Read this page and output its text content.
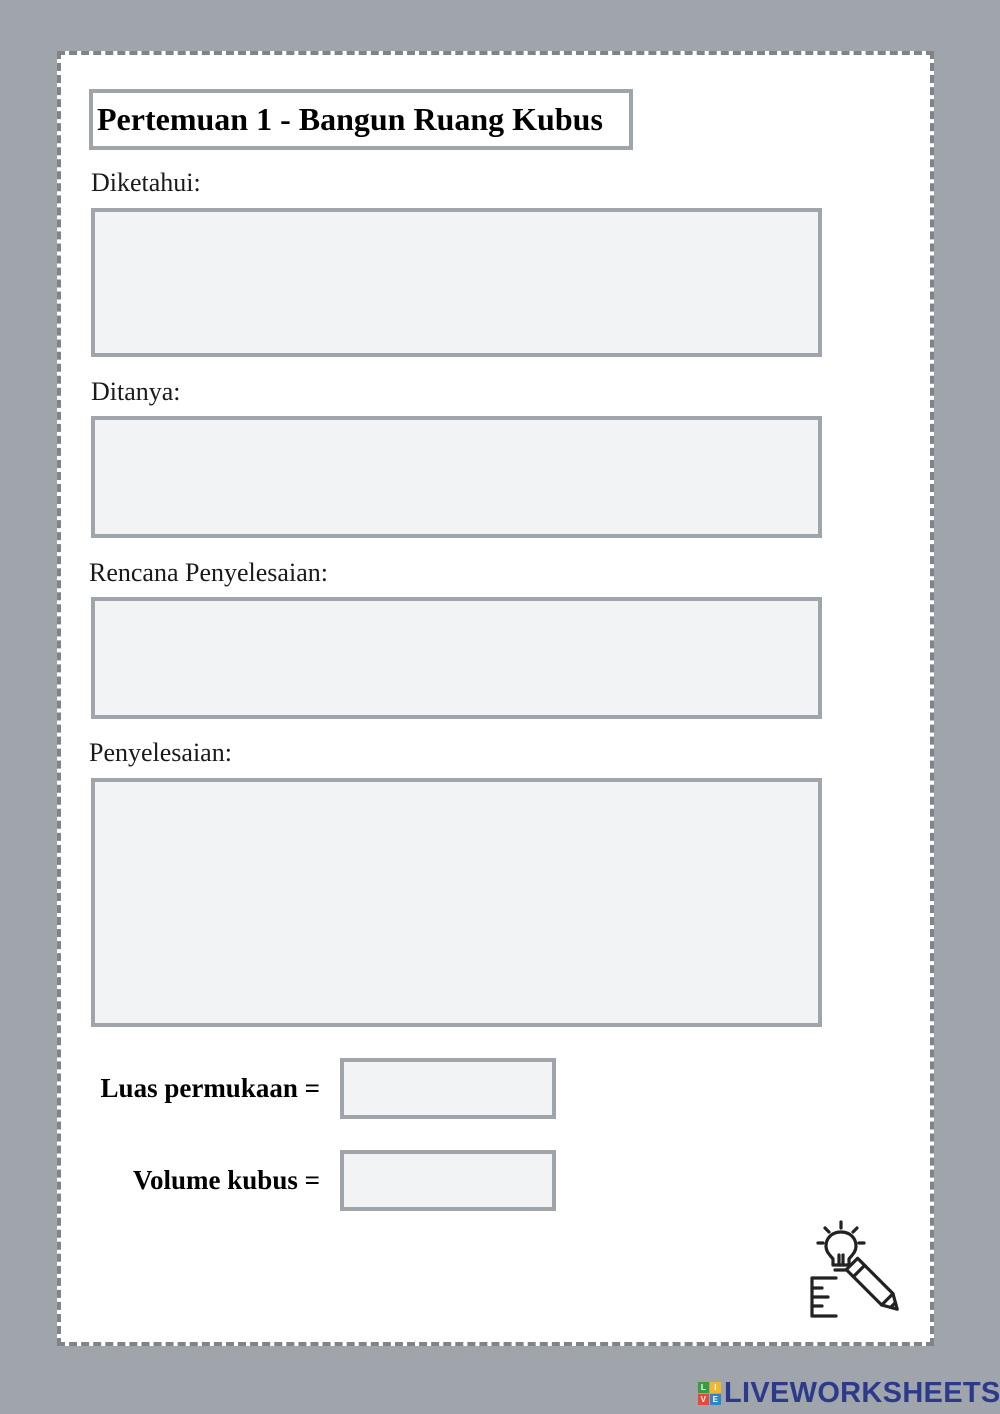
Pertemuan 1 - Bangun Ruang Kubus
Diketahui:
Ditanya:
Rencana Penyelesaian:
Penyelesaian:
Luas permukaan =
Volume kubus =
L	I
V E LIVEWORKSHEETS
